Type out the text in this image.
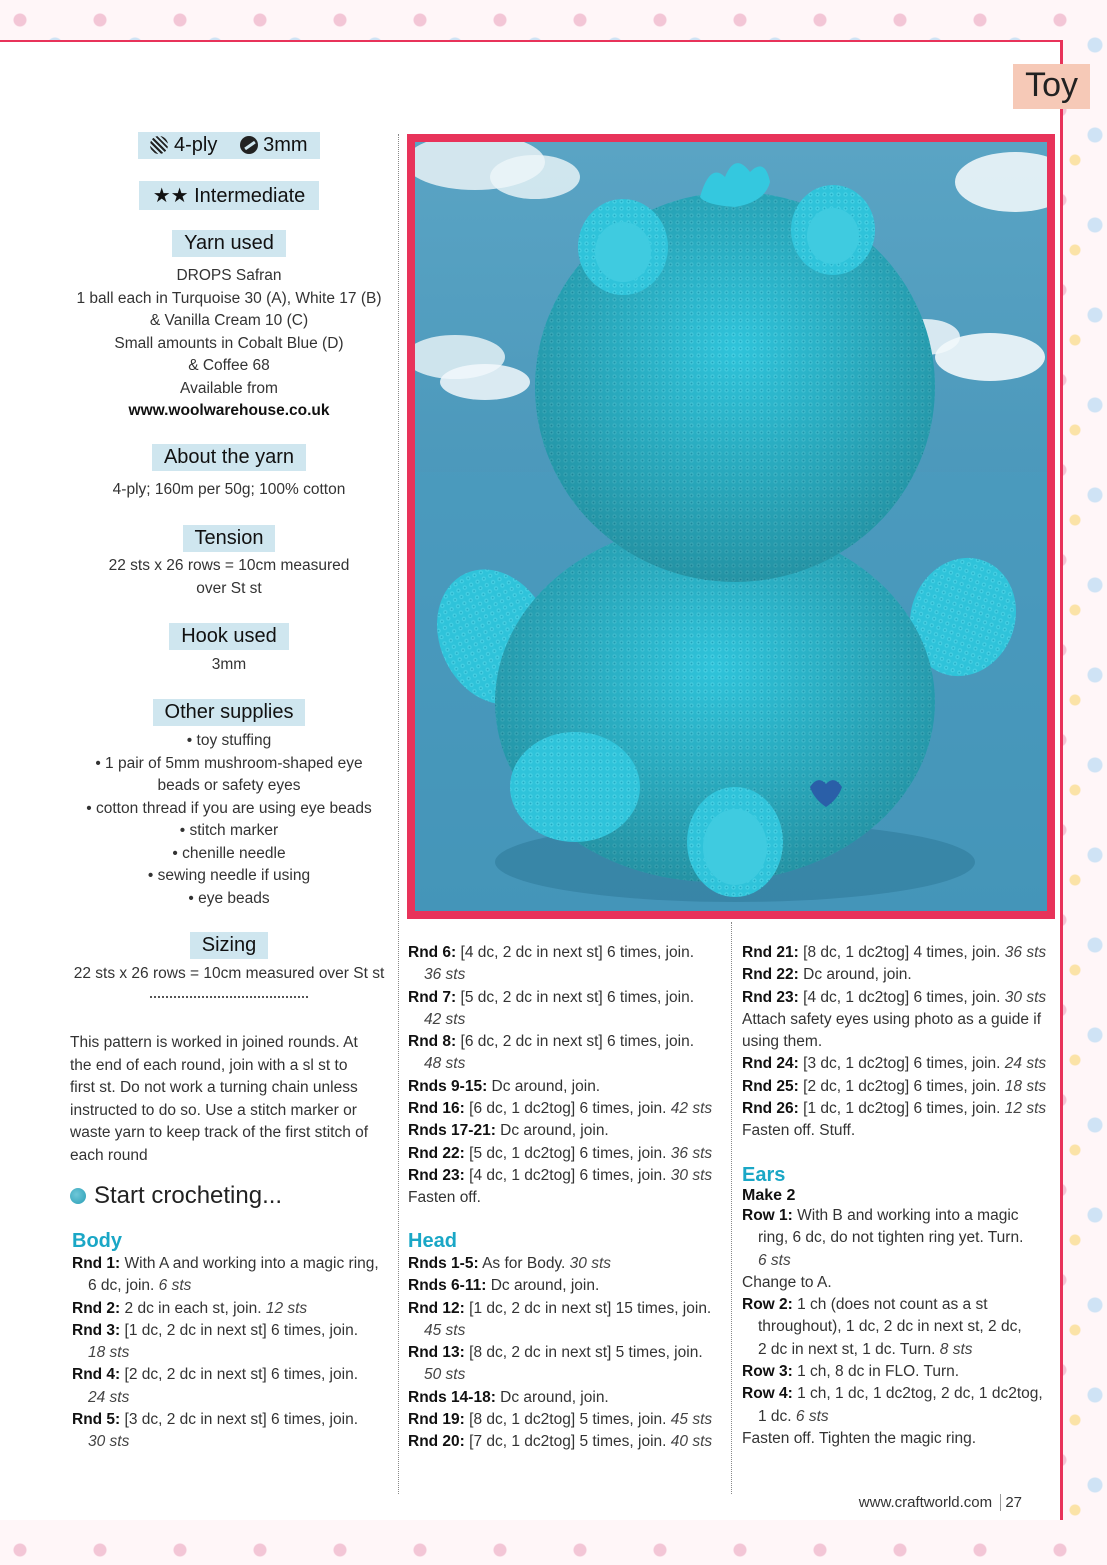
Toy
4-ply 3mm
★★ Intermediate
Yarn used
DROPS Safran
1 ball each in Turquoise 30 (A), White 17 (B)
& Vanilla Cream 10 (C)
Small amounts in Cobalt Blue (D)
& Coffee 68
Available from
www.woolwarehouse.co.uk
About the yarn
4-ply; 160m per 50g; 100% cotton
Tension
22 sts x 26 rows = 10cm measured
over St st
Hook used
3mm
Other supplies
• toy stuffing
• 1 pair of 5mm mushroom-shaped eye
beads or safety eyes
• cotton thread if you are using eye beads
• stitch marker
• chenille needle
• sewing needle if using
• eye beads
Sizing
22 sts x 26 rows = 10cm measured over St st
This pattern is worked in joined rounds. At
the end of each round, join with a sl st to
first st. Do not work a turning chain unless
instructed to do so. Use a stitch marker or
waste yarn to keep track of the first stitch of
each round
Start crocheting...
Body
Rnd 1: With A and working into a magic ring,
6 dc, join. 6 sts
Rnd 2: 2 dc in each st, join. 12 sts
Rnd 3: [1 dc, 2 dc in next st] 6 times, join.
18 sts
Rnd 4: [2 dc, 2 dc in next st] 6 times, join.
24 sts
Rnd 5: [3 dc, 2 dc in next st] 6 times, join.
30 sts
Rnd 6: [4 dc, 2 dc in next st] 6 times, join.
36 sts
Rnd 7: [5 dc, 2 dc in next st] 6 times, join.
42 sts
Rnd 8: [6 dc, 2 dc in next st] 6 times, join.
48 sts
Rnds 9-15: Dc around, join.
Rnd 16: [6 dc, 1 dc2tog] 6 times, join. 42 sts
Rnds 17-21: Dc around, join.
Rnd 22: [5 dc, 1 dc2tog] 6 times, join. 36 sts
Rnd 23: [4 dc, 1 dc2tog] 6 times, join. 30 sts
Fasten off.
Head
Rnds 1-5: As for Body. 30 sts
Rnds 6-11: Dc around, join.
Rnd 12: [1 dc, 2 dc in next st] 15 times, join.
45 sts
Rnd 13: [8 dc, 2 dc in next st] 5 times, join.
50 sts
Rnds 14-18: Dc around, join.
Rnd 19: [8 dc, 1 dc2tog] 5 times, join. 45 sts
Rnd 20: [7 dc, 1 dc2tog] 5 times, join. 40 sts
Rnd 21: [8 dc, 1 dc2tog] 4 times, join. 36 sts
Rnd 22: Dc around, join.
Rnd 23: [4 dc, 1 dc2tog] 6 times, join. 30 sts
Attach safety eyes using photo as a guide if
using them.
Rnd 24: [3 dc, 1 dc2tog] 6 times, join. 24 sts
Rnd 25: [2 dc, 1 dc2tog] 6 times, join. 18 sts
Rnd 26: [1 dc, 1 dc2tog] 6 times, join. 12 sts
Fasten off. Stuff.
Ears
Make 2
Row 1: With B and working into a magic
ring, 6 dc, do not tighten ring yet. Turn.
6 sts
Change to A.
Row 2: 1 ch (does not count as a st
throughout), 1 dc, 2 dc in next st, 2 dc,
2 dc in next st, 1 dc. Turn. 8 sts
Row 3: 1 ch, 8 dc in FLO. Turn.
Row 4: 1 ch, 1 dc, 1 dc2tog, 2 dc, 1 dc2tog,
1 dc. 6 sts
Fasten off. Tighten the magic ring.
www.craftworld.com 27
